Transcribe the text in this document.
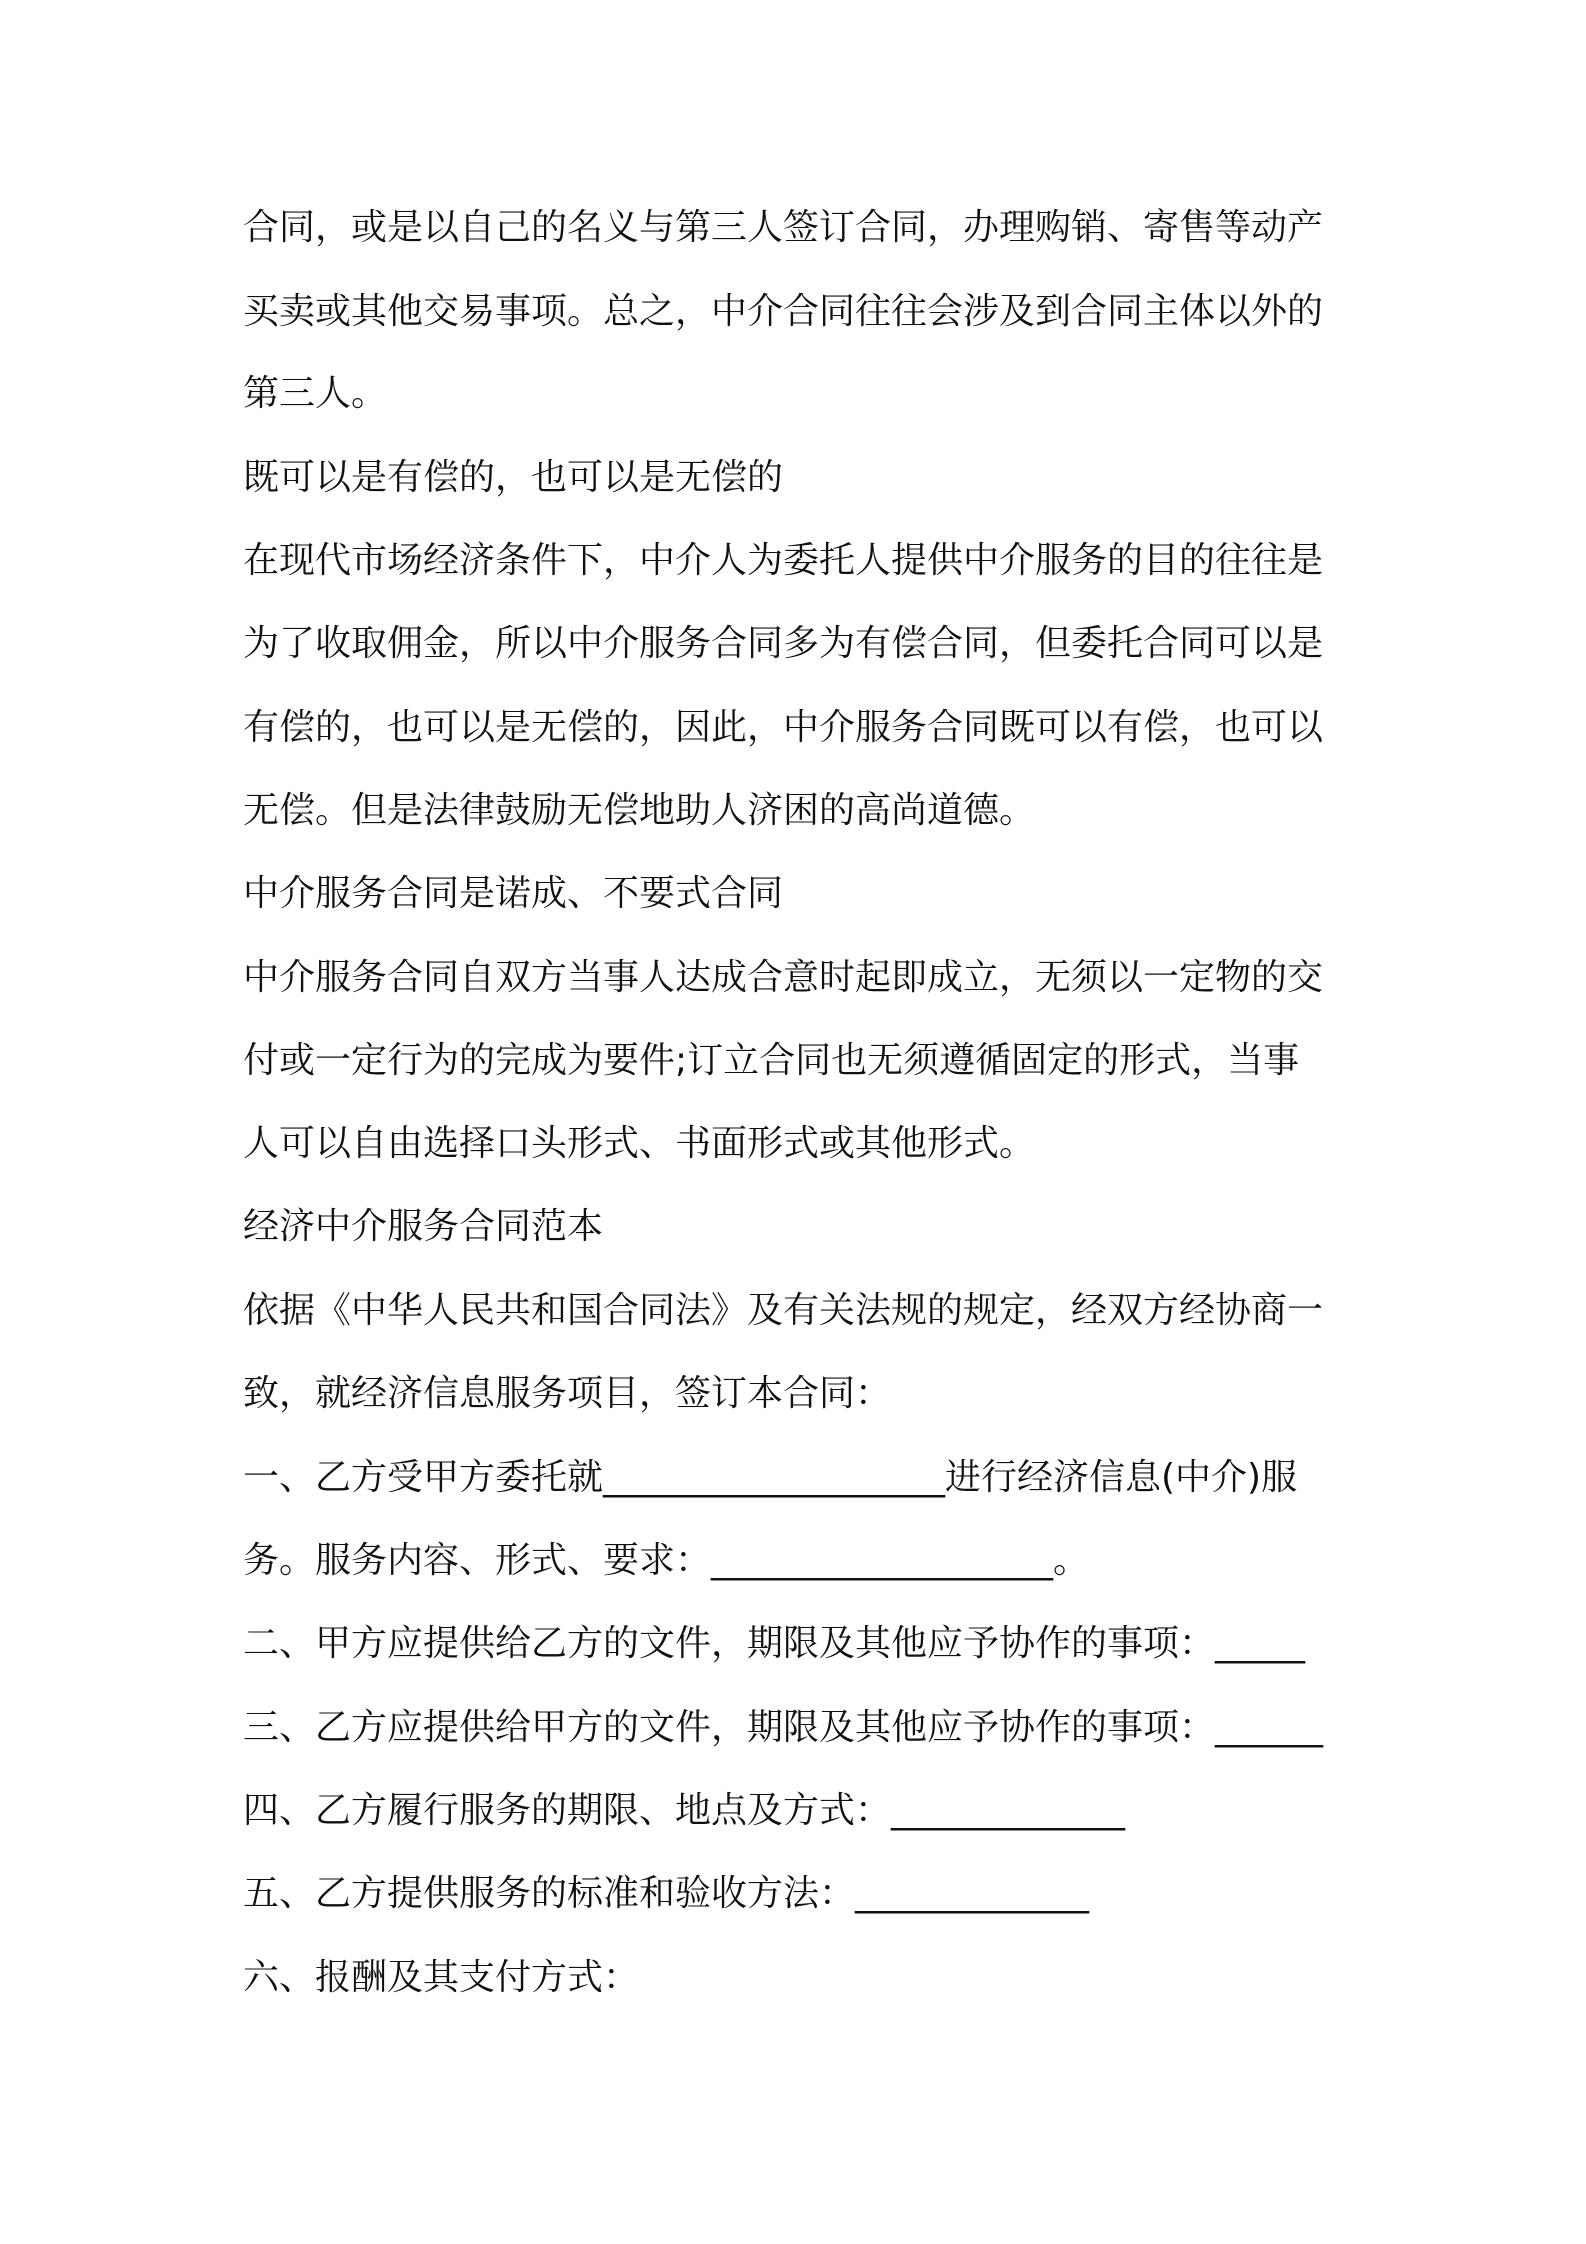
合同，或是以自己的名义与第三人签订合同，办理购销、寄售等动产
买卖或其他交易事项。总之，中介合同往往会涉及到合同主体以外的
第三人。
既可以是有偿的，也可以是无偿的
在现代市场经济条件下，中介人为委托人提供中介服务的目的往往是
为了收取佣金，所以中介服务合同多为有偿合同，但委托合同可以是
有偿的，也可以是无偿的，因此，中介服务合同既可以有偿，也可以
无偿。但是法律鼓励无偿地助人济困的高尚道德。
中介服务合同是诺成、不要式合同
中介服务合同自双方当事人达成合意时起即成立，无须以一定物的交
付或一定行为的完成为要件;订立合同也无须遵循固定的形式，当事
人可以自由选择口头形式、书面形式或其他形式。
经济中介服务合同范本
依据《中华人民共和国合同法》及有关法规的规定，经双方经协商一
致，就经济信息服务项目，签订本合同：
一、乙方受甲方委托就___________________进行经济信息(中介)服
务。服务内容、形式、要求：___________________。
二、甲方应提供给乙方的文件，期限及其他应予协作的事项：_____
三、乙方应提供给甲方的文件，期限及其他应予协作的事项：______
四、乙方履行服务的期限、地点及方式：_____________
五、乙方提供服务的标准和验收方法：_____________
六、报酬及其支付方式：
